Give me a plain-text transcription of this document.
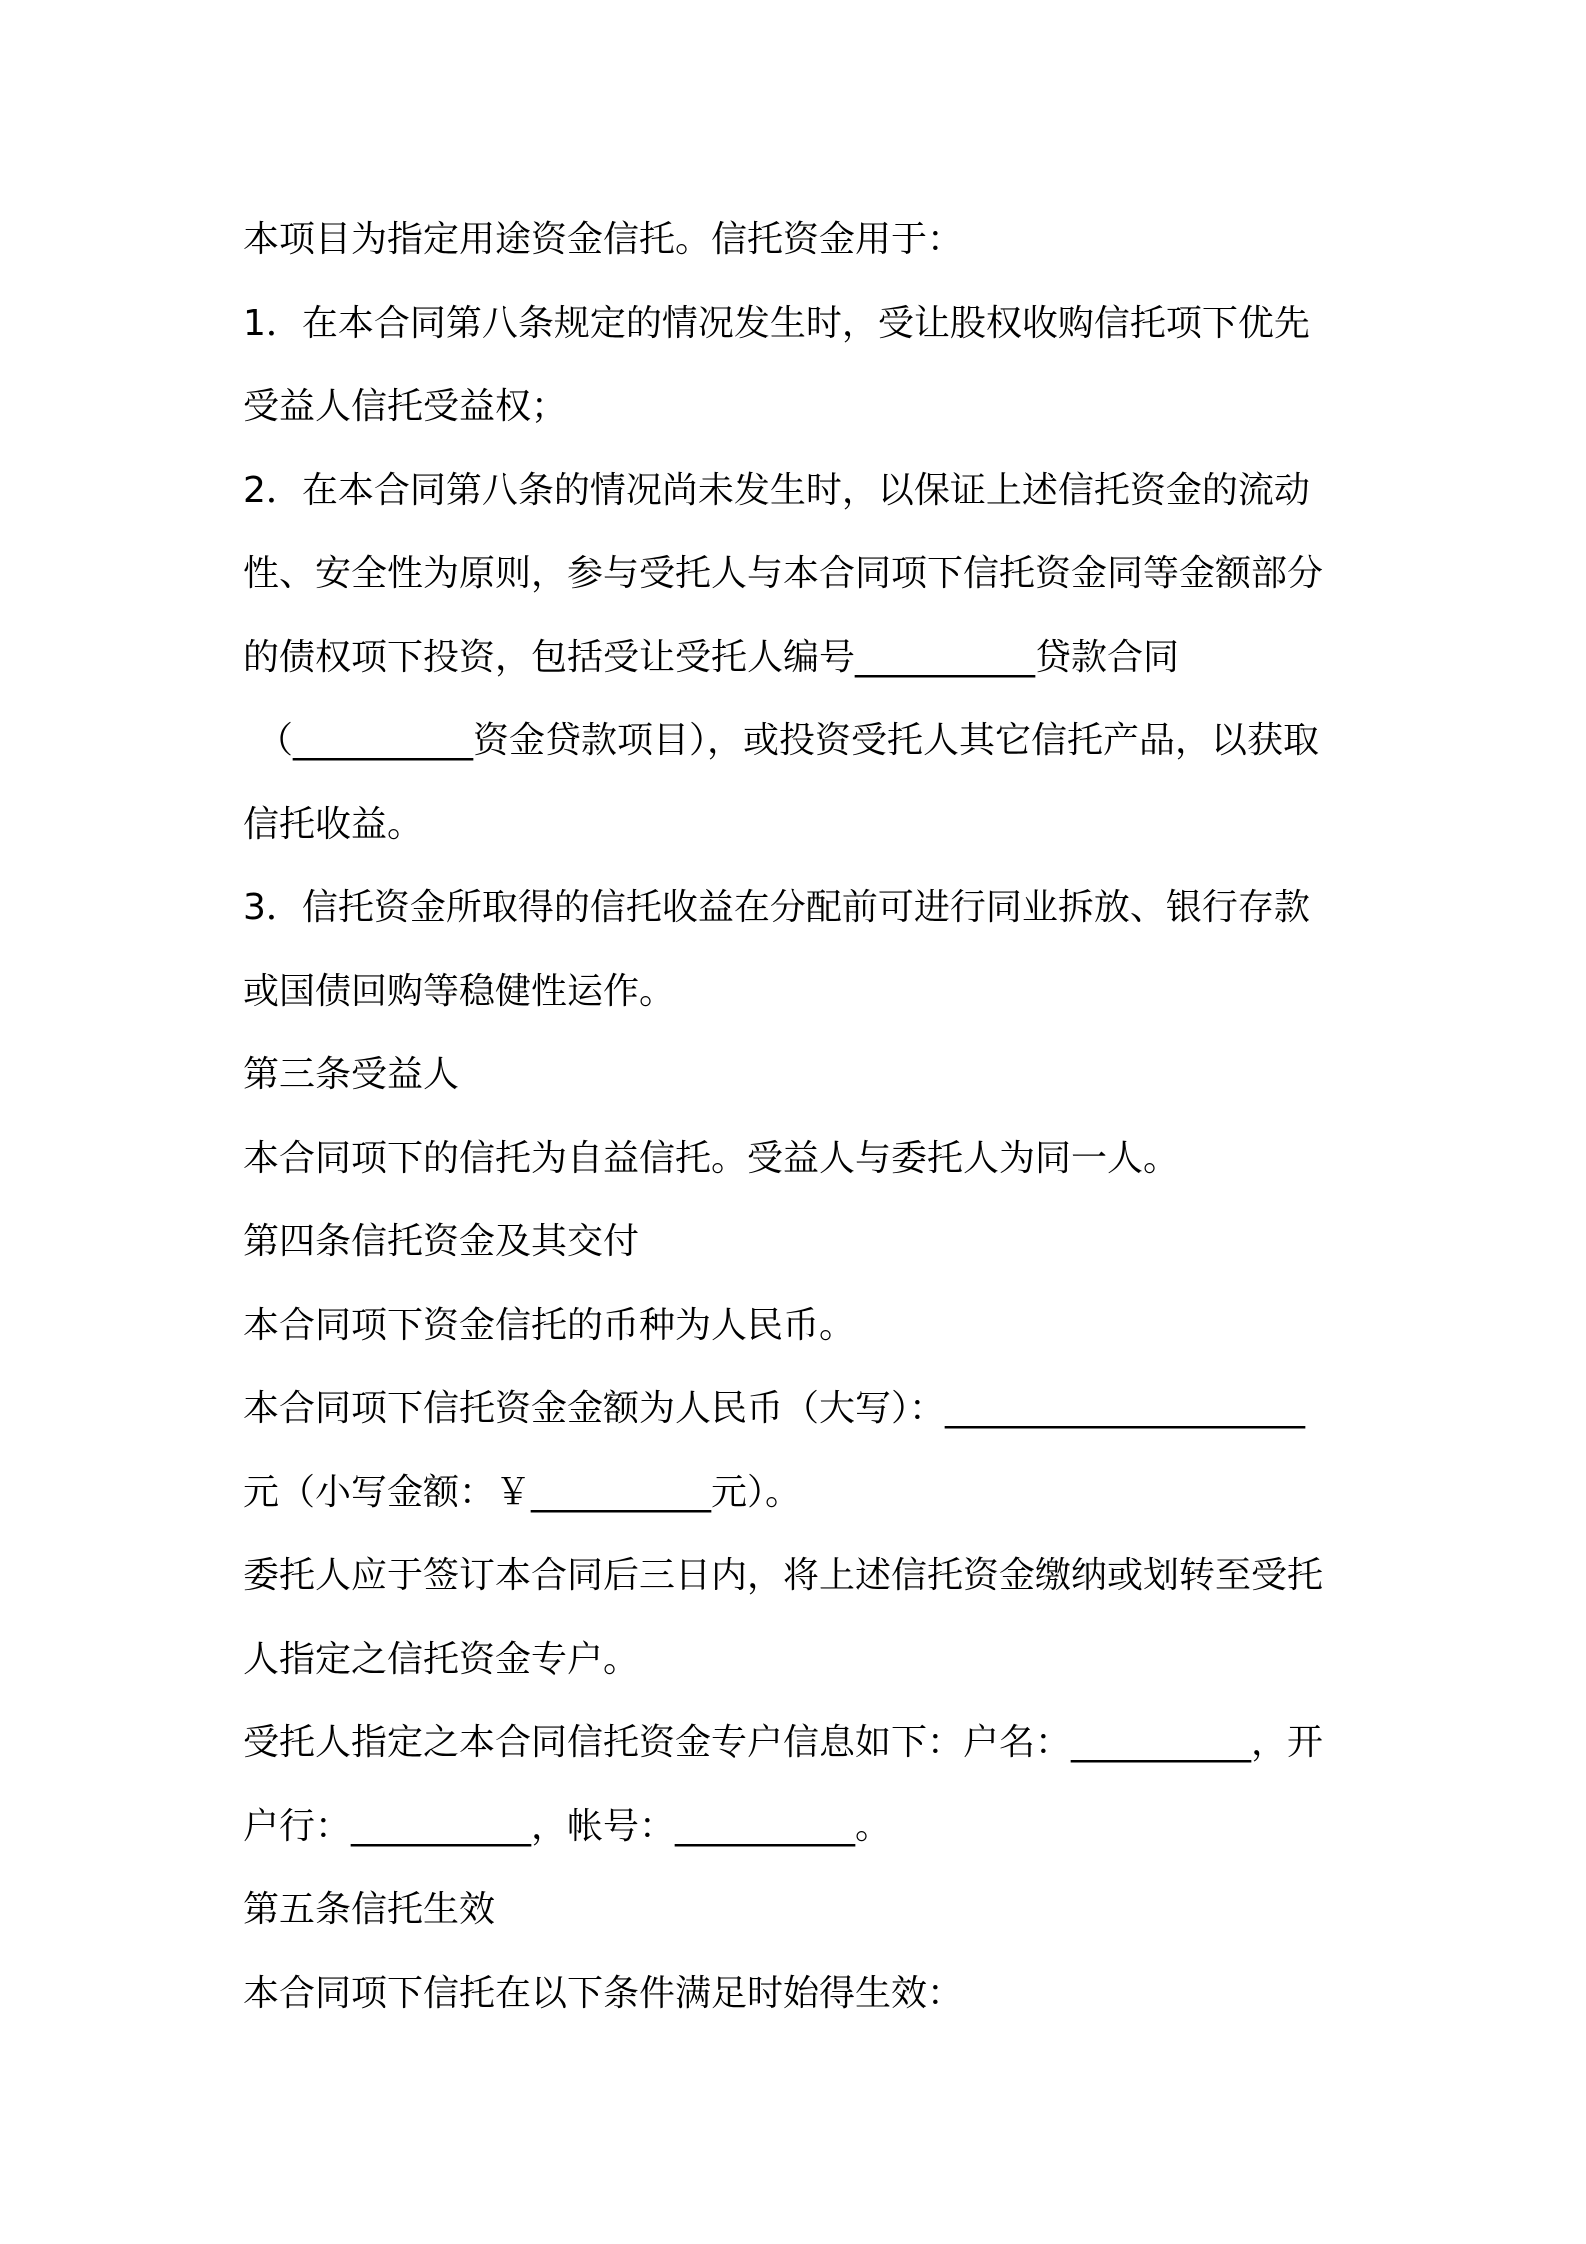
本项目为指定用途资金信托。信托资金用于：
1．在本合同第八条规定的情况发生时，受让股权收购信托项下优先
受益人信托受益权；
2．在本合同第八条的情况尚未发生时，以保证上述信托资金的流动
性、安全性为原则，参与受托人与本合同项下信托资金同等金额部分
的债权项下投资，包括受让受托人编号__________贷款合同
（__________资金贷款项目），或投资受托人其它信托产品，以获取
信托收益。
3．信托资金所取得的信托收益在分配前可进行同业拆放、银行存款
或国债回购等稳健性运作。
第三条受益人
本合同项下的信托为自益信托。受益人与委托人为同一人。
第四条信托资金及其交付
本合同项下资金信托的币种为人民币。
本合同项下信托资金金额为人民币（大写）：____________________
元（小写金额：￥__________元）。
委托人应于签订本合同后三日内，将上述信托资金缴纳或划转至受托
人指定之信托资金专户。
受托人指定之本合同信托资金专户信息如下：户名：__________，开
户行：__________，帐号：__________。
第五条信托生效
本合同项下信托在以下条件满足时始得生效：
